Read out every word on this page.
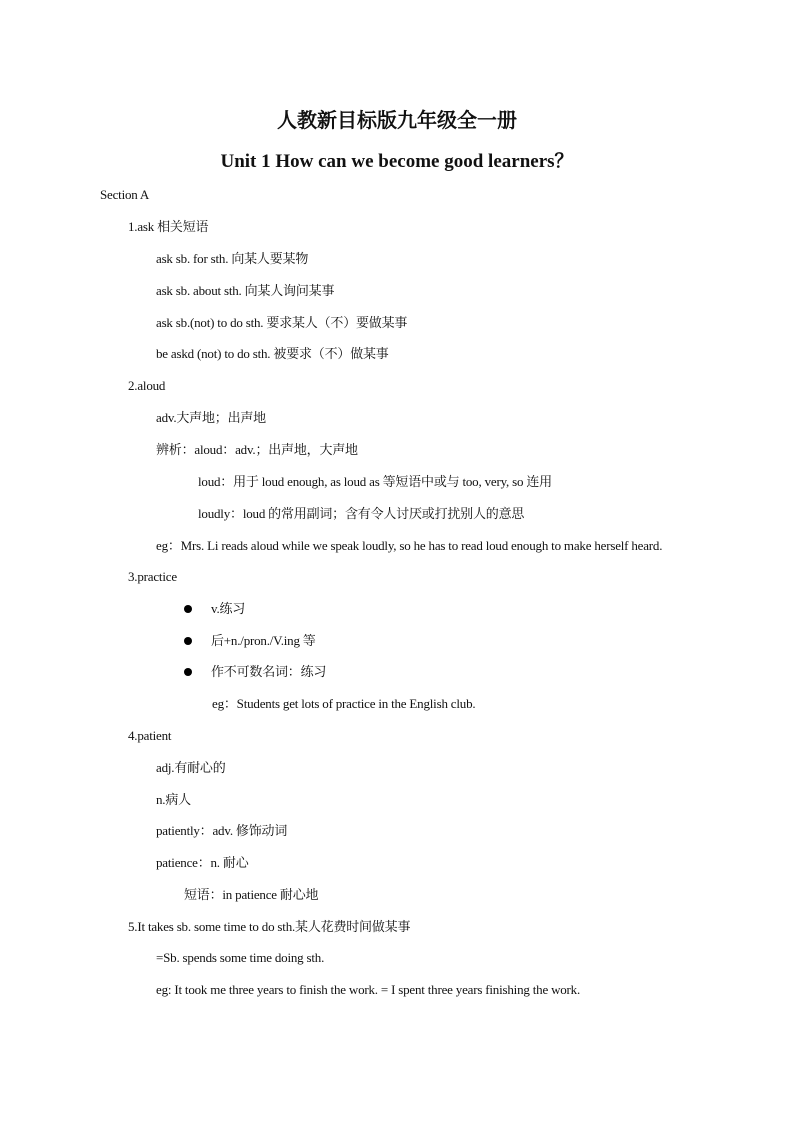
人教新目标版九年级全一册
Unit 1 How can we become good learners？
Section A
1.ask 相关短语
ask sb. for sth. 向某人要某物
ask sb. about sth. 向某人询问某事
ask sb.(not) to do sth. 要求某人（不）要做某事
be askd (not) to do sth. 被要求（不）做某事
2.aloud
adv.大声地；出声地
辨析：aloud：adv.；出声地，大声地
loud：用于 loud enough, as loud as 等短语中或与 too, very, so 连用
loudly：loud 的常用副词；含有令人讨厌或打扰别人的意思
eg：Mrs. Li reads aloud while we speak loudly, so he has to read loud enough to make herself heard.
3.practice
v.练习
后+n./pron./V.ing 等
作不可数名词：练习
eg：Students get lots of practice in the English club.
4.patient
adj.有耐心的
n.病人
patiently：adv. 修饰动词
patience：n. 耐心
短语：in patience 耐心地
5.It takes sb. some time to do sth.某人花费时间做某事
=Sb. spends some time doing sth.
eg: It took me three years to finish the work. = I spent three years finishing the work.
